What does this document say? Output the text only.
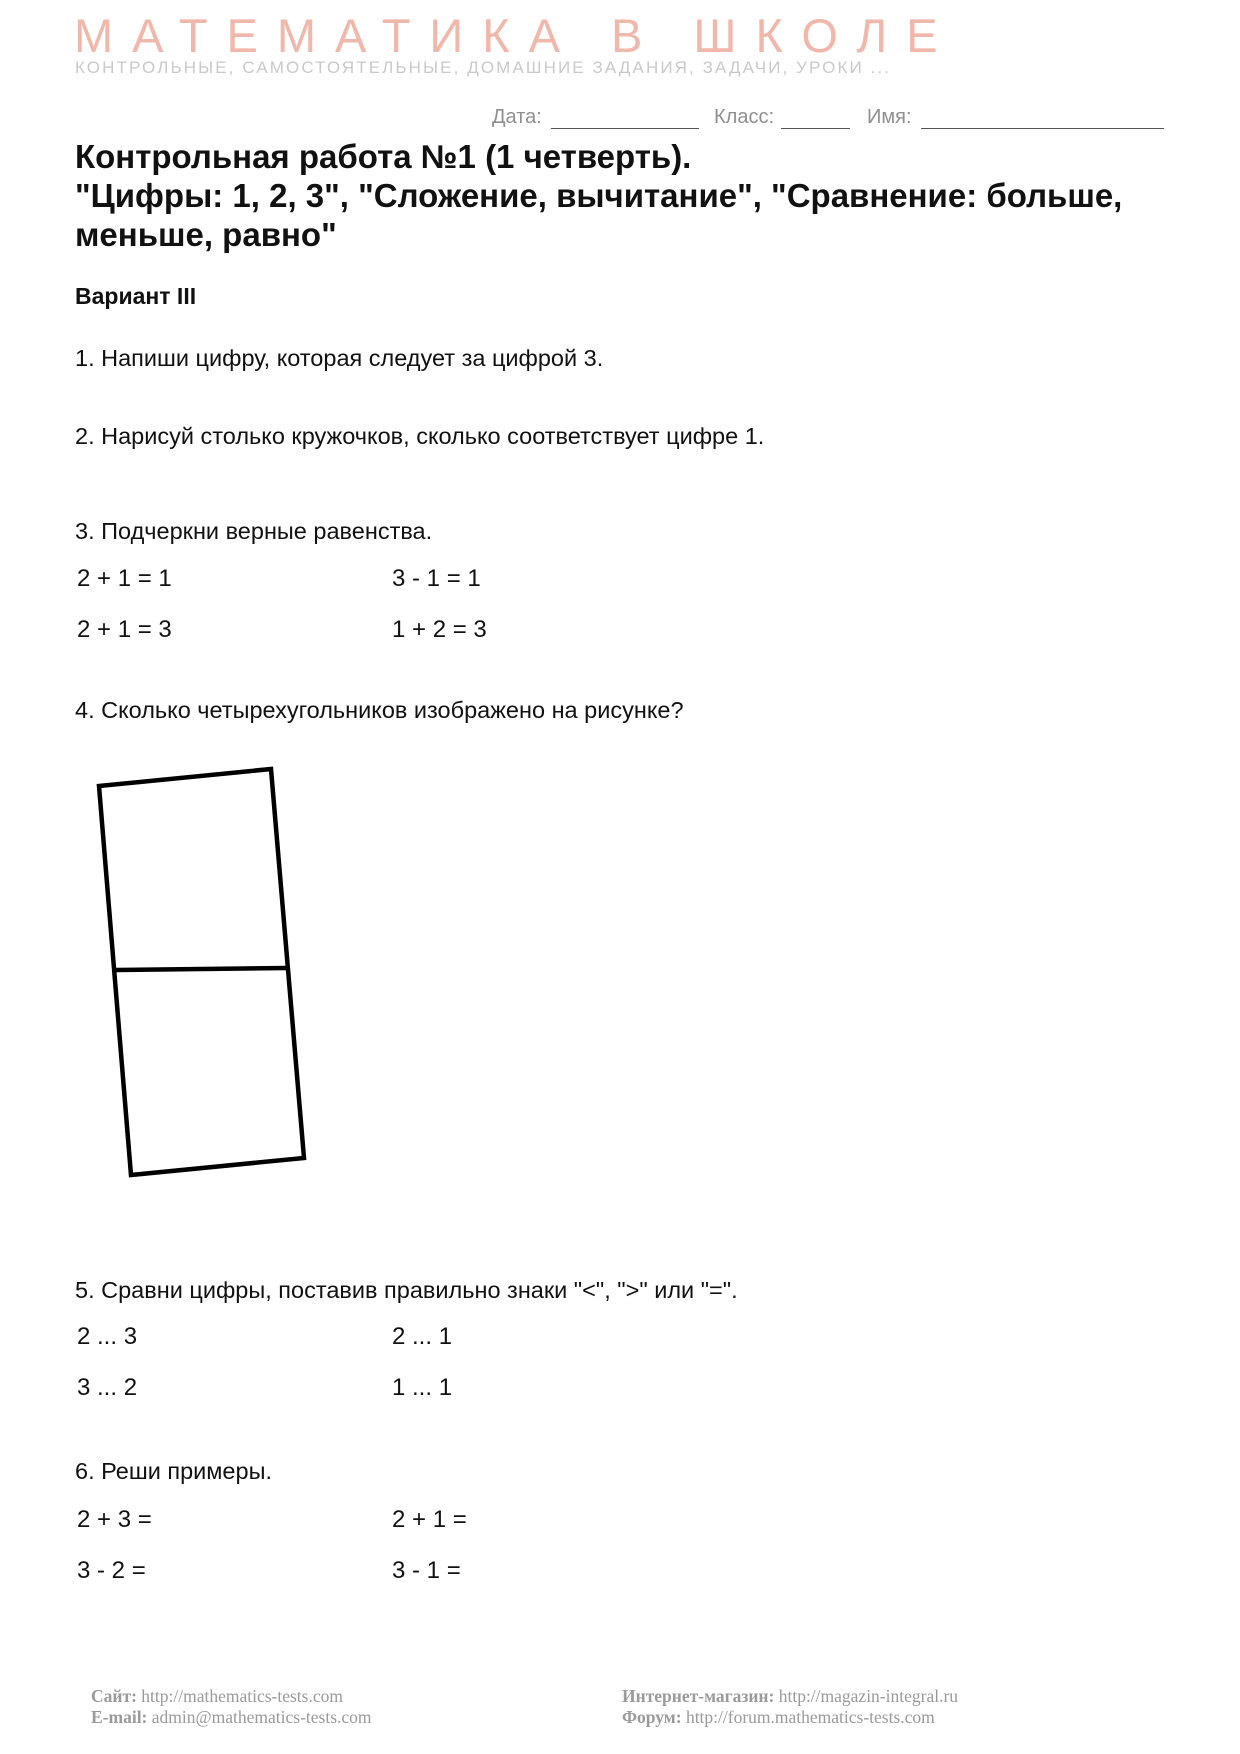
МАТЕМАТИКА В ШКОЛЕ
КОНТРОЛЬНЫЕ, САМОСТОЯТЕЛЬНЫЕ, ДОМАШНИЕ ЗАДАНИЯ, ЗАДАЧИ, УРОКИ ...
Дата:	Класс:	Имя:
Контрольная работа №1 (1 четверть).
"Цифры: 1, 2, 3", "Сложение, вычитание", "Сравнение: больше,
меньше, равно"
Вариант III
1. Напиши цифру, которая следует за цифрой 3.
2. Нарисуй столько кружочков, сколько соответствует цифре 1.
3. Подчеркни верные равенства.
2 + 1 = 1	3 - 1 = 1
2 + 1 = 3	1 + 2 = 3
4. Сколько четырехугольников изображено на рисунке?
5. Сравни цифры, поставив правильно знаки "<", ">" или "=".
2 ... 3	2 ... 1
3 ... 2	1 ... 1
6. Реши примеры.
2 + 3 =	2 + 1 =
3 - 2 =	3 - 1 =
Сайт: http://mathematics-tests.com
E-mail: admin@mathematics-tests.com
Интернет-магазин: http://magazin-integral.ru
Форум: http://forum.mathematics-tests.com
